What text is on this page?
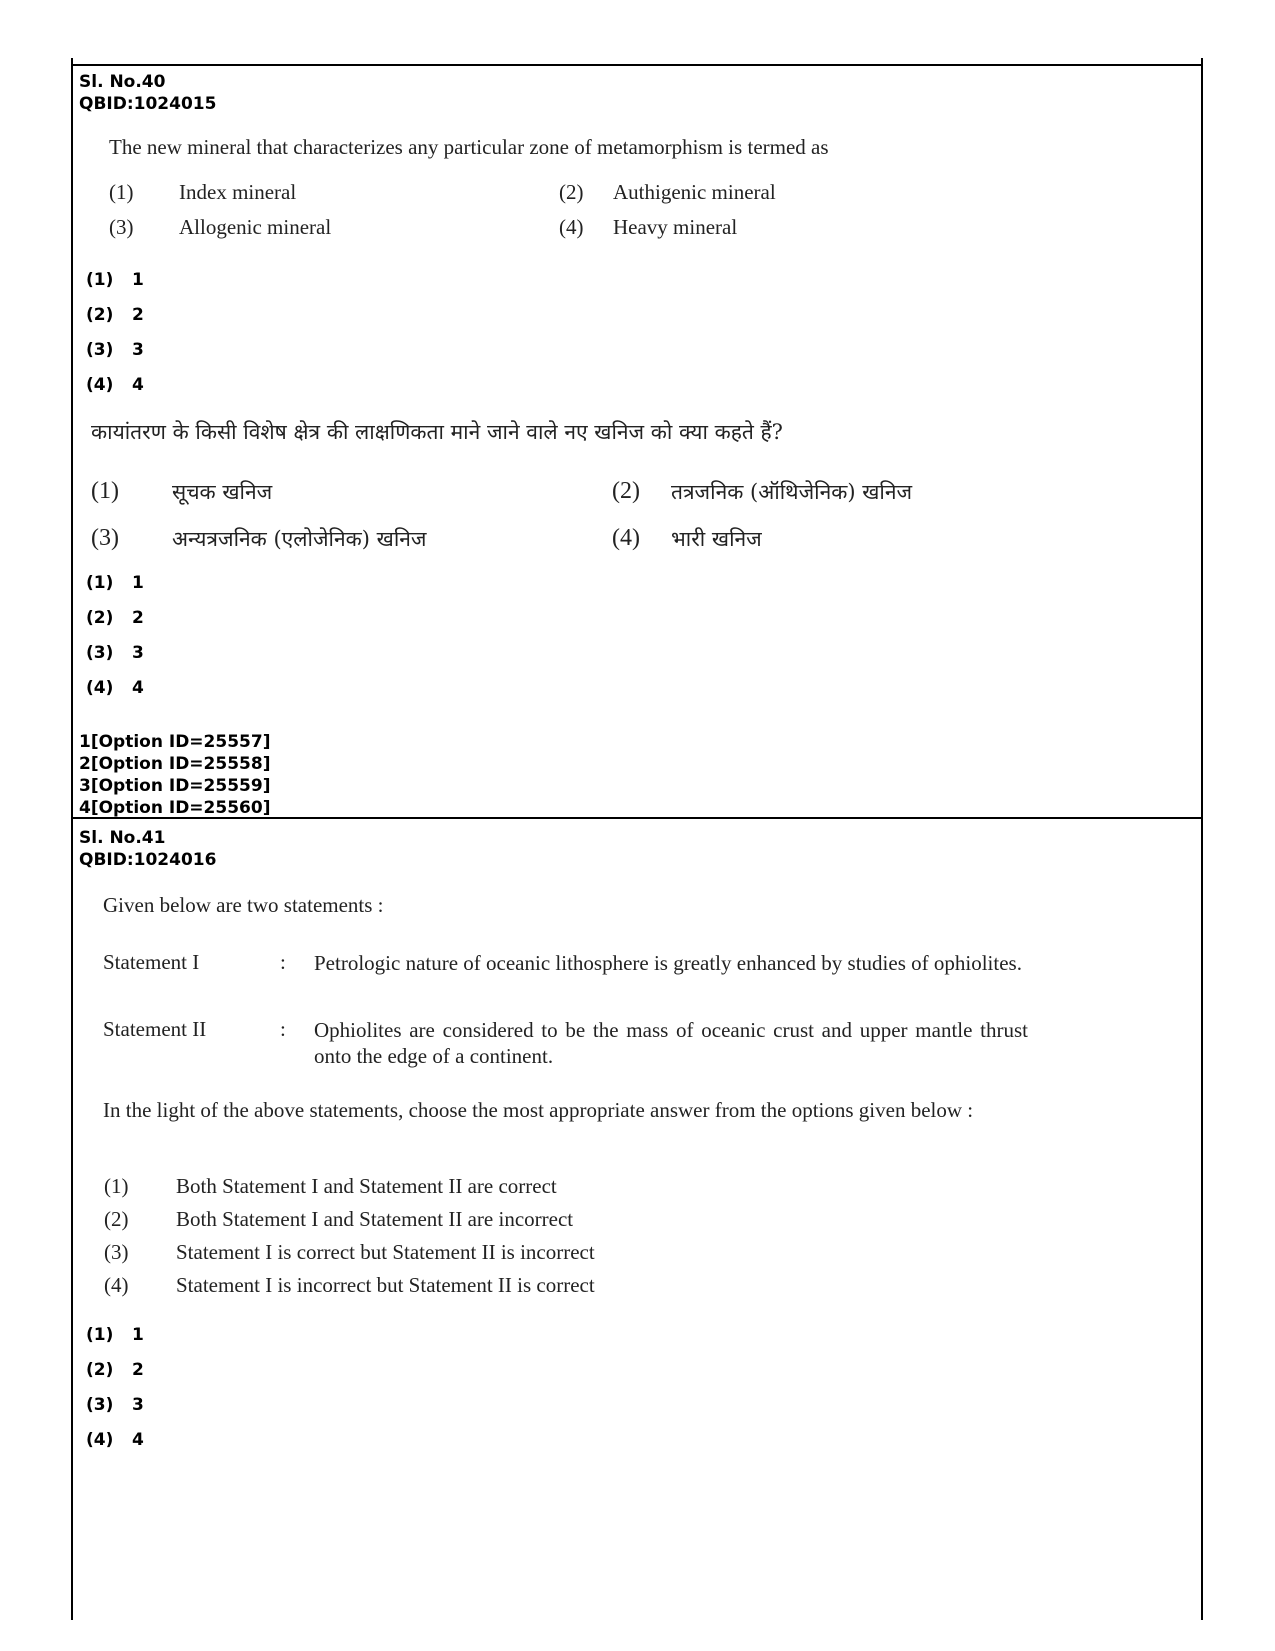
Sl. No.40
QBID:1024015
The new mineral that characterizes any particular zone of metamorphism is termed as
(1) Index mineral	(2) Authigenic mineral
(3) Allogenic mineral	(4) Heavy mineral
(1) 1
(2) 2
(3) 3
(4) 4
कायांतरण के किसी विशेष क्षेत्र की लाक्षणिकता माने जाने वाले नए खनिज को क्या कहते हैं?
(1)	सूचक खनिज	(2) तत्रजनिक (ऑथिजेनिक) खनिज
(3)	अन्यत्रजनिक (एलोजेनिक) खनिज	(4) भारी खनिज
(1) 1
(2) 2
(3) 3
(4) 4
1[Option ID=25557]
2[Option ID=25558]
3[Option ID=25559]
4[Option ID=25560]
Sl. No.41
QBID:1024016
Given below are two statements :
Statement I	: Petrologic nature of oceanic lithosphere is greatly enhanced by studies of ophiolites.
Statement II	: Ophiolites are considered to be the mass of oceanic crust and upper mantle thrust onto the edge of a continent.
In the light of the above statements, choose the most appropriate answer from the options given below :
(1) Both Statement I and Statement II are correct
(2) Both Statement I and Statement II are incorrect
(3) Statement I is correct but Statement II is incorrect
(4) Statement I is incorrect but Statement II is correct
(1) 1
(2) 2
(3) 3
(4) 4
